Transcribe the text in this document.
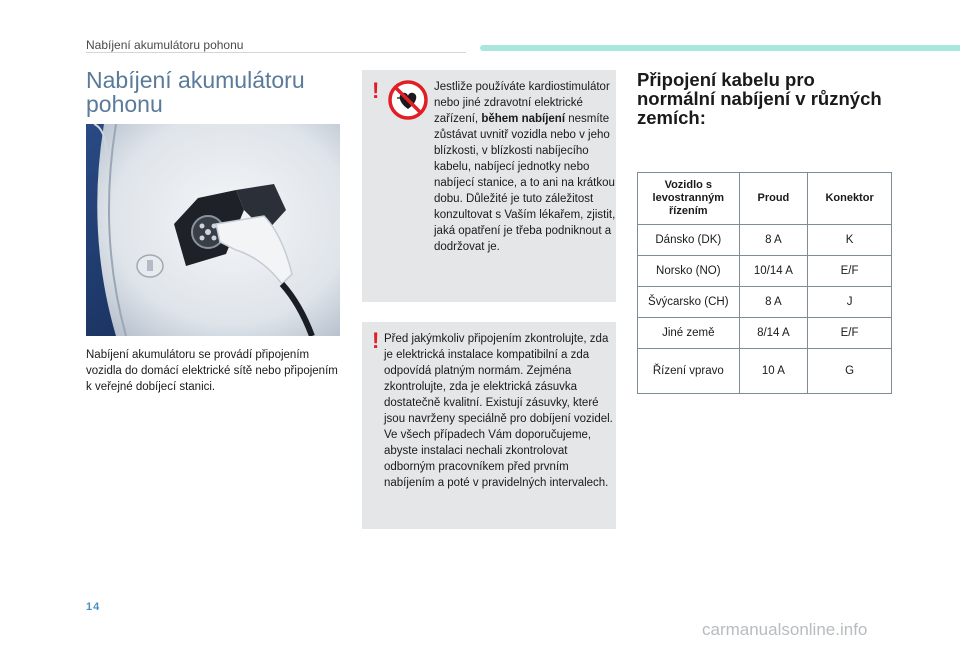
Nabíjení akumulátoru pohonu
Nabíjení akumulátoru pohonu

Nabíjení akumulátoru se provádí připojením vozidla do domácí elektrické sítě nebo připojením k veřejné dobíjecí stanici.

!	Jestliže používáte kardiostimulátor nebo jiné zdravotní elektrické zařízení, během nabíjení nesmíte zůstávat uvnitř vozidla nebo v jeho blízkosti, v blízkosti nabíjecího kabelu, nabíjecí jednotky nebo nabíjecí stanice, a to ani na krátkou dobu. Důležité je tuto záležitost konzultovat s Vaším lékařem, zjistit, jaká opatření je třeba podniknout a dodržovat je.

! Před jakýmkoliv připojením zkontrolujte, zda je elektrická instalace kompatibilní a zda odpovídá platným normám. Zejména zkontrolujte, zda je elektrická zásuvka dostatečně kvalitní. Existují zásuvky, které jsou navrženy speciálně pro dobíjení vozidel. Ve všech případech Vám doporučujeme, abyste instalaci nechali zkontrolovat odborným pracovníkem před prvním nabíjením a poté v pravidelných intervalech.

Připojení kabelu pro normální nabíjení v různých zemích:
Vozidlo s levostranným řízením	Proud	Konektor
Dánsko (DK)	8 A	K
Norsko (NO)	10/14 A	E/F
Švýcarsko (CH)	8 A	J
Jiné země	8/14 A	E/F
Řízení vpravo	10 A	G
14
carmanualsonline.info
